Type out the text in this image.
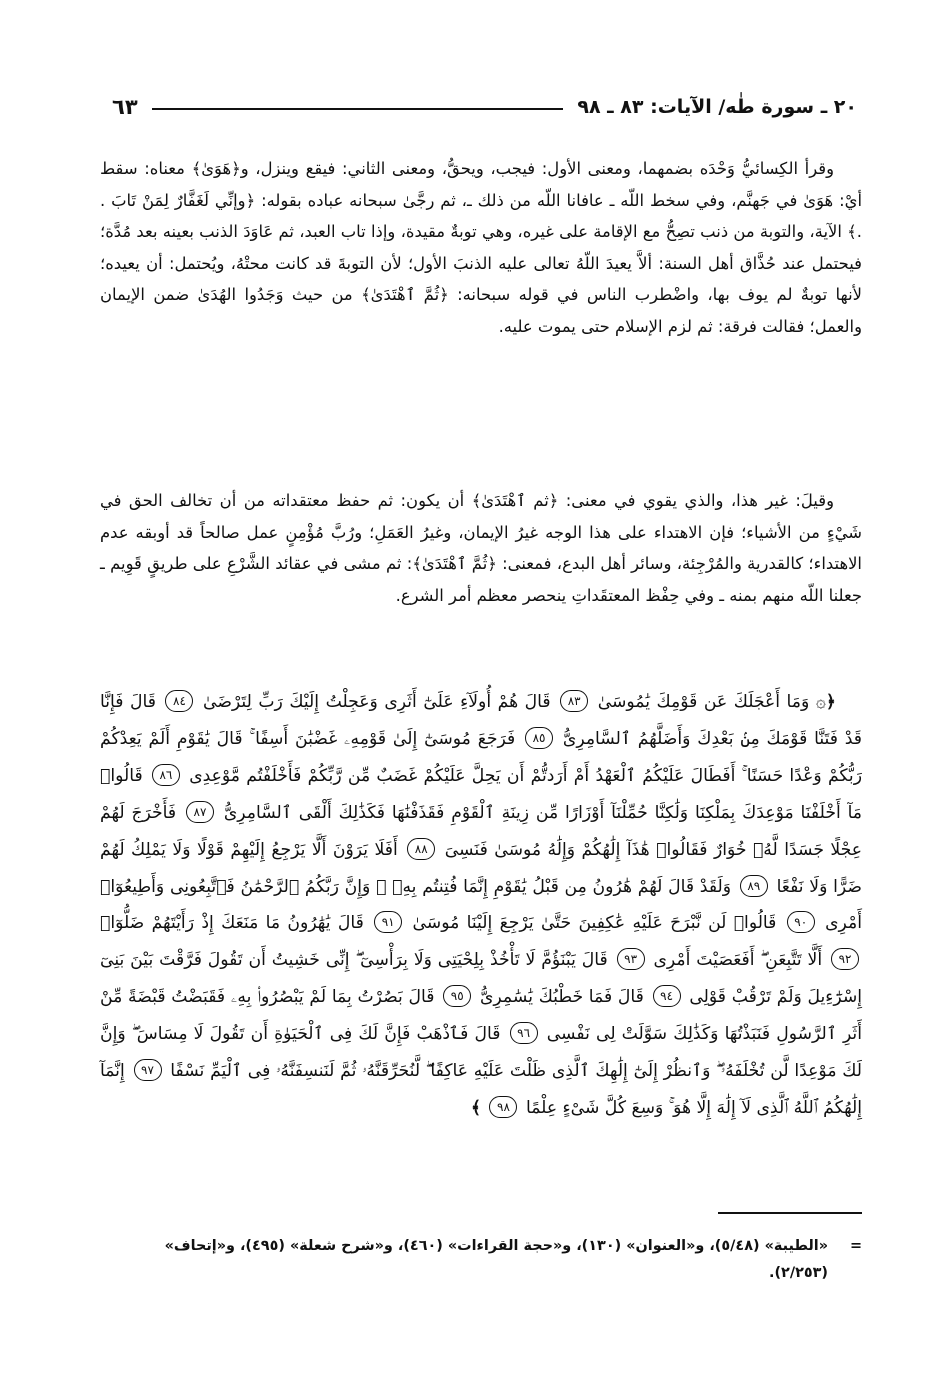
٢٠ ـ سورة طٰه/ الآيات: ٨٣ ـ ٩٨
٦٣

وقرأ الكِسائيُّ وَحْدَه بضمهما، ومعنى الأول: فيجب، ويحقُّ، ومعنى الثاني: فيقع وينزل، و﴿هَوَىٰ﴾ معناه: سقط أيْ: هَوَىٰ في جَهنَّم، وفي سخط اللّه ـ عافانا اللّه من ذلك ـ، ثم رجَّىٰ سبحانه عباده بقوله: ﴿وإنِّي لَغَفَّارٌ لِمَنْ تَابَ . .﴾ الآية، والتوبة من ذنب تصِحُّ مع الإقامة على غيره، وهي توبةٌ مقيدة، وإذا تاب العبد، ثم عَاوَدَ الذنب بعينه بعد مُدَّة؛ فيحتمل عند حُذَّاق أهل السنة: ألاَّ يعيدَ اللّهُ تعالى عليه الذنبَ الأول؛ لأن التوبةَ قد كانت محتْهُ، ويُحتمل: أن يعيده؛ لأنها توبةٌ لم يوف بها، واضْطرب الناس في قوله سبحانه: ﴿ثُمَّ ٱهْتَدَىٰ﴾ من حيث وَجَدُوا الهُدَىٰ ضمن الإيمان والعمل؛ فقالت فرقة: ثم لزم الإسلام حتى يموت عليه.

وقيلَ: غير هذا، والذي يقوي في معنى: ﴿ثم ٱهْتَدَىٰ﴾ أن يكون: ثم حفظ معتقداته من أن تخالف الحق في شَيْءٍ من الأشياء؛ فإن الاهتداء على هذا الوجه غيرُ الإيمان، وغيرُ العَمَلِ؛ ورُبَّ مُؤْمِنٍ عمل صالحاً قد أوبقه عدم الاهتداء؛ كالقدرية والمُرْجِئة، وسائر أهل البدع، فمعنى: ﴿ثُمَّ ٱهْتَدَىٰ﴾: ثم مشى في عقائد الشَّرْعِ على طريقٍ قَوِيم ـ جعلنا اللّه منهم بمنه ـ وفي حِفْظ المعتقَداتِ ينحصر معظم أمر الشرع.

﴿۞ وَمَا أَعْجَلَكَ عَن قَوْمِكَ يَٰمُوسَىٰ ٨٣ قَالَ هُمْ أُولَآءِ عَلَىٰٓ أَثَرِى وَعَجِلْتُ إِلَيْكَ رَبِّ لِتَرْضَىٰ ٨٤ قَالَ فَإِنَّا قَدْ فَتَنَّا قَوْمَكَ مِنۢ بَعْدِكَ وَأَضَلَّهُمُ ٱلسَّامِرِىُّ ٨٥ فَرَجَعَ مُوسَىٰٓ إِلَىٰ قَوْمِهِۦ غَضْبَٰنَ أَسِفًا ۚ قَالَ يَٰقَوْمِ أَلَمْ يَعِدْكُمْ رَبُّكُمْ وَعْدًا حَسَنًا ۚ أَفَطَالَ عَلَيْكُمُ ٱلْعَهْدُ أَمْ أَرَدتُّمْ أَن يَحِلَّ عَلَيْكُمْ غَضَبٌ مِّن رَّبِّكُمْ فَأَخْلَفْتُم مَّوْعِدِى ٨٦ قَالُوا۟ مَآ أَخْلَفْنَا مَوْعِدَكَ بِمَلْكِنَا وَلَٰكِنَّا حُمِّلْنَآ أَوْزَارًا مِّن زِينَةِ ٱلْقَوْمِ فَقَذَفْنَٰهَا فَكَذَٰلِكَ أَلْقَى ٱلسَّامِرِىُّ ٨٧ فَأَخْرَجَ لَهُمْ عِجْلًا جَسَدًا لَّهُۥ خُوَارٌ فَقَالُوا۟ هَٰذَآ إِلَٰهُكُمْ وَإِلَٰهُ مُوسَىٰ فَنَسِىَ ٨٨ أَفَلَا يَرَوْنَ أَلَّا يَرْجِعُ إِلَيْهِمْ قَوْلًا وَلَا يَمْلِكُ لَهُمْ ضَرًّا وَلَا نَفْعًا ٨٩ وَلَقَدْ قَالَ لَهُمْ هَٰرُونُ مِن قَبْلُ يَٰقَوْمِ إِنَّمَا فُتِنتُم بِهِۦ ۖ وَإِنَّ رَبَّكُمُ ٱلرَّحْمَٰنُ فَٱتَّبِعُونِى وَأَطِيعُوٓا۟ أَمْرِى ٩٠ قَالُوا۟ لَن نَّبْرَحَ عَلَيْهِ عَٰكِفِينَ حَتَّىٰ يَرْجِعَ إِلَيْنَا مُوسَىٰ ٩١ قَالَ يَٰهَٰرُونُ مَا مَنَعَكَ إِذْ رَأَيْتَهُمْ ضَلُّوٓا۟ ٩٢ أَلَّا تَتَّبِعَنِ ۖ أَفَعَصَيْتَ أَمْرِى ٩٣ قَالَ يَبْنَؤُمَّ لَا تَأْخُذْ بِلِحْيَتِى وَلَا بِرَأْسِىٓ ۖ إِنِّى خَشِيتُ أَن تَقُولَ فَرَّقْتَ بَيْنَ بَنِىٓ إِسْرَٰٓءِيلَ وَلَمْ تَرْقُبْ قَوْلِى ٩٤ قَالَ فَمَا خَطْبُكَ يَٰسَٰمِرِىُّ ٩٥ قَالَ بَصُرْتُ بِمَا لَمْ يَبْصُرُوا۟ بِهِۦ فَقَبَضْتُ قَبْضَةً مِّنْ أَثَرِ ٱلرَّسُولِ فَنَبَذْتُهَا وَكَذَٰلِكَ سَوَّلَتْ لِى نَفْسِى ٩٦ قَالَ فَٱذْهَبْ فَإِنَّ لَكَ فِى ٱلْحَيَوٰةِ أَن تَقُولَ لَا مِسَاسَ ۖ وَإِنَّ لَكَ مَوْعِدًا لَّن تُخْلَفَهُۥ ۖ وَٱنظُرْ إِلَىٰٓ إِلَٰهِكَ ٱلَّذِى ظَلْتَ عَلَيْهِ عَاكِفًا ۖ لَّنُحَرِّقَنَّهُۥ ثُمَّ لَنَنسِفَنَّهُۥ فِى ٱلْيَمِّ نَسْفًا ٩٧ إِنَّمَآ إِلَٰهُكُمُ ٱللَّهُ ٱلَّذِى لَآ إِلَٰهَ إِلَّا هُوَ ۚ وَسِعَ كُلَّ شَىْءٍ عِلْمًا ٩٨ ﴾

=«الطيبة» (٥/٤٨)، و«العنوان» (١٣٠)، و«حجة القراءات» (٤٦٠)، و«شرح شعلة» (٤٩٥)، و«إتحاف»
(٢/٢٥٣).
